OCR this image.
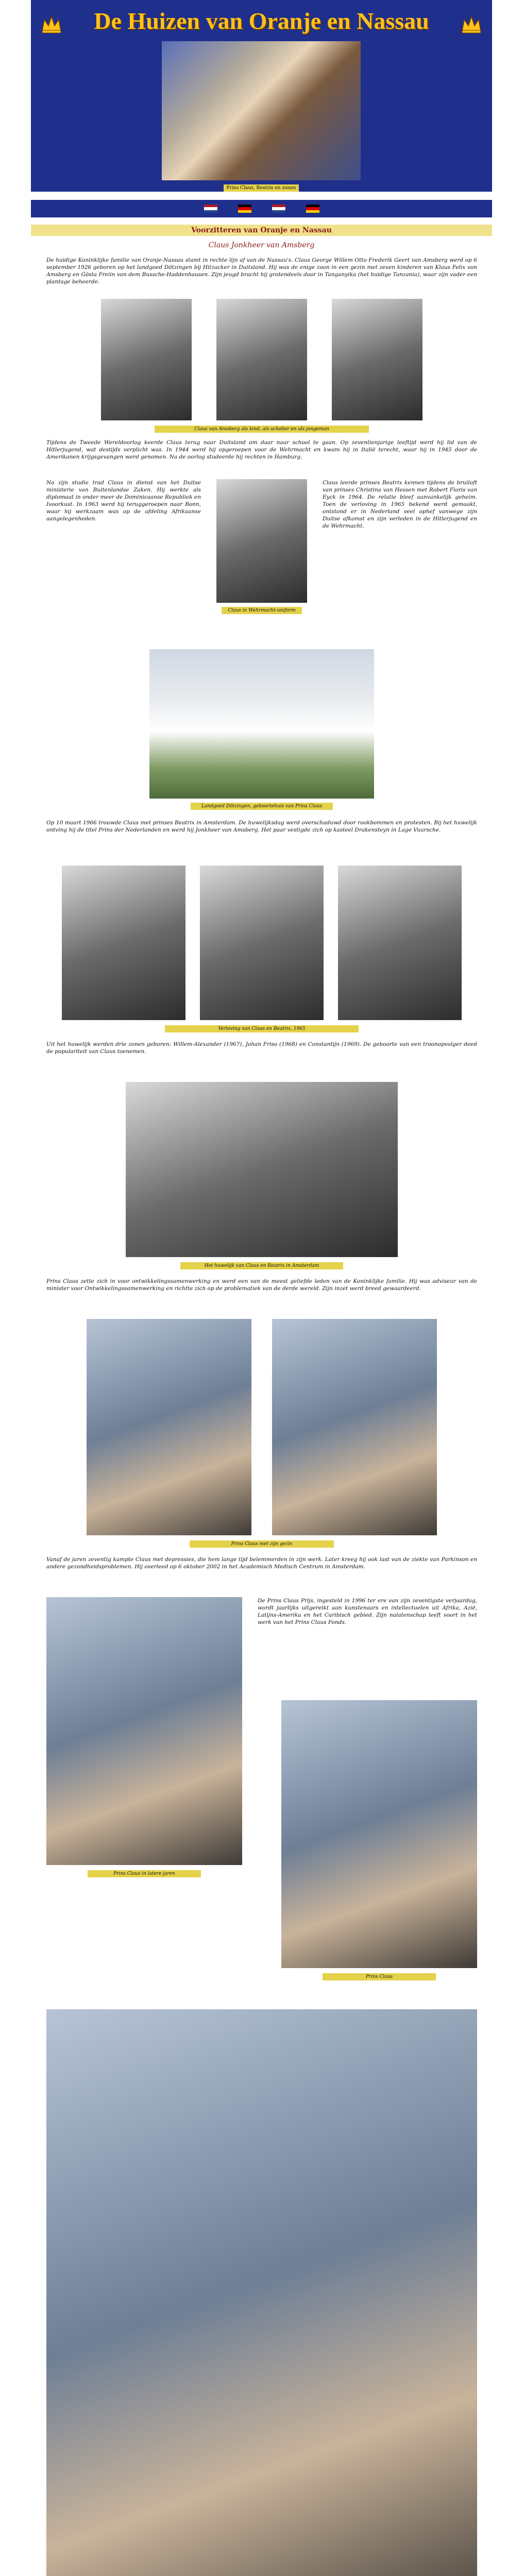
De Huizen van Oranje en Nassau
Prins Claus, Beatrix en zonen
Voorzitteren van Oranje en Nassau
Claus Jonkheer van Amsberg

De huidige Koninklijke familie van Oranje-Nassau stamt in rechte lijn af van de Nassau's. Claus George Willem Otto Frederik Geert van Amsberg werd op 6 september 1926 geboren op het landgoed Dötzingen bij Hitzacker in Duitsland. Hij was de enige zoon in een gezin met zeven kinderen van Klaus Felix von Amsberg en Gösta Freiin von dem Bussche-Haddenhausen. Zijn jeugd bracht hij grotendeels door in Tanganyika (het huidige Tanzania), waar zijn vader een plantage beheerde.

Claus van Amsberg als kind, als scholier en als jongeman

Tijdens de Tweede Wereldoorlog keerde Claus terug naar Duitsland om daar naar school te gaan. Op zeventienjarige leeftijd werd hij lid van de Hitlerjugend, wat destijds verplicht was. In 1944 werd hij opgeroepen voor de Wehrmacht en kwam hij in Italië terecht, waar hij in 1945 door de Amerikanen krijgsgevangen werd genomen. Na de oorlog studeerde hij rechten in Hamburg.

Na zijn studie trad Claus in dienst van het Duitse ministerie van Buitenlandse Zaken. Hij werkte als diplomaat in onder meer de Dominicaanse Republiek en Ivoorkust. In 1963 werd hij teruggeroepen naar Bonn, waar hij werkzaam was op de afdeling Afrikaanse aangelegenheden.
Claus in Wehrmacht-uniform
Claus leerde prinses Beatrix kennen tijdens de bruiloft van prinses Christina van Hessen met Robert Floris van Eyck in 1964. De relatie bleef aanvankelijk geheim. Toen de verloving in 1965 bekend werd gemaakt, ontstond er in Nederland veel ophef vanwege zijn Duitse afkomst en zijn verleden in de Hitlerjugend en de Wehrmacht.
Landgoed Dötzingen, geboortehuis van Prins Claus

Op 10 maart 1966 trouwde Claus met prinses Beatrix in Amsterdam. De huwelijksdag werd overschaduwd door rookbommen en protesten. Bij het huwelijk ontving hij de titel Prins der Nederlanden en werd hij Jonkheer van Amsberg. Het paar vestigde zich op kasteel Drakensteyn in Lage Vuursche.

Verloving van Claus en Beatrix, 1965

Uit het huwelijk werden drie zonen geboren: Willem-Alexander (1967), Johan Friso (1968) en Constantijn (1969). De geboorte van een troonopvolger deed de populariteit van Claus toenemen.

Het huwelijk van Claus en Beatrix in Amsterdam

Prins Claus zette zich in voor ontwikkelingssamenwerking en werd een van de meest geliefde leden van de Koninklijke familie. Hij was adviseur van de minister voor Ontwikkelingssamenwerking en richtte zich op de problematiek van de derde wereld. Zijn inzet werd breed gewaardeerd.

Prins Claus met zijn gezin

Vanaf de jaren zeventig kampte Claus met depressies, die hem lange tijd belemmerden in zijn werk. Later kreeg hij ook last van de ziekte van Parkinson en andere gezondheidsproblemen. Hij overleed op 6 oktober 2002 in het Academisch Medisch Centrum in Amsterdam.

Prins Claus in latere jaren
De Prins Claus Prijs, ingesteld in 1996 ter ere van zijn zeventigste verjaardag, wordt jaarlijks uitgereikt aan kunstenaars en intellectuelen uit Afrika, Azië, Latijns-Amerika en het Caribisch gebied. Zijn nalatenschap leeft voort in het werk van het Prins Claus Fonds.
Prins Claus
